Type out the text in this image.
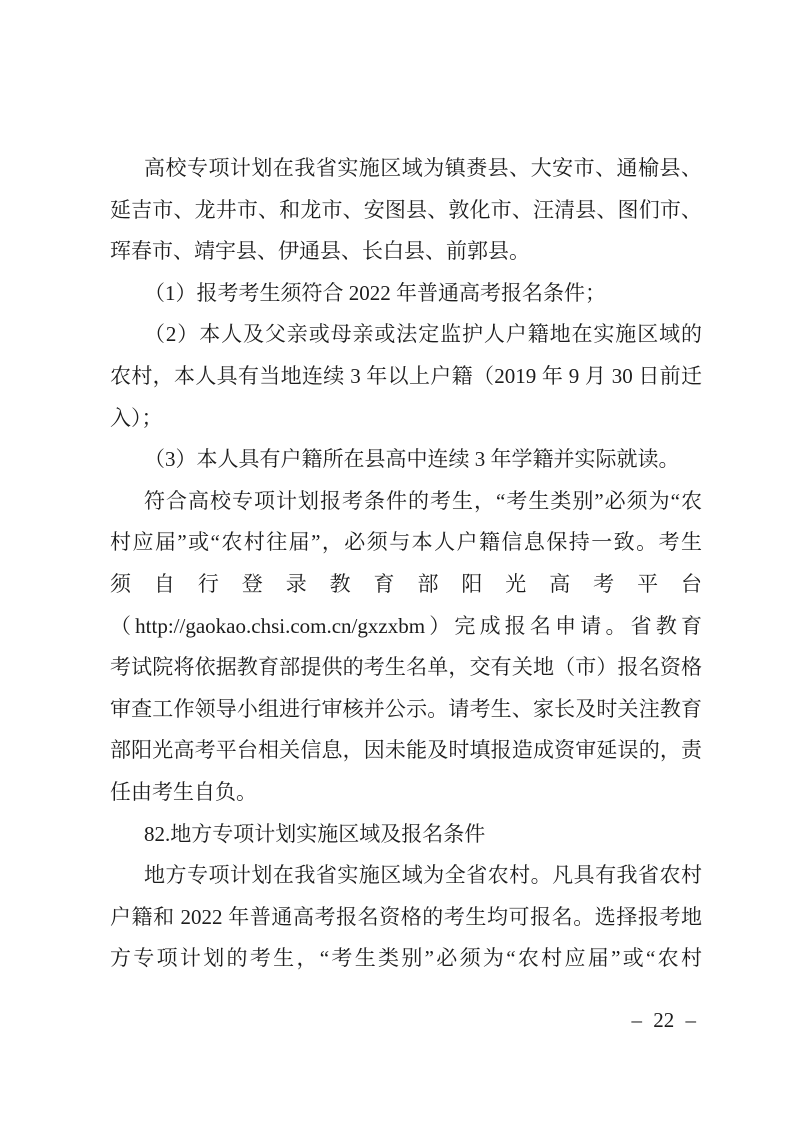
高校专项计划在我省实施区域为镇赉县、大安市、通榆县、
延吉市、龙井市、和龙市、安图县、敦化市、汪清县、图们市、
珲春市、靖宇县、伊通县、长白县、前郭县。
（1）报考考生须符合 2022 年普通高考报名条件；
（2）本人及父亲或母亲或法定监护人户籍地在实施区域的
农村，本人具有当地连续 3 年以上户籍（2019 年 9 月 30 日前迁
入）；
（3）本人具有户籍所在县高中连续 3 年学籍并实际就读。
符合高校专项计划报考条件的考生，“考生类别”必须为“农
村应届”或“农村往届”，必须与本人户籍信息保持一致。考生
须自行登录教育部阳光高考平台
（http://gaokao.chsi.com.cn/gxzxbm）完成报名申请。省教育
考试院将依据教育部提供的考生名单，交有关地（市）报名资格
审查工作领导小组进行审核并公示。请考生、家长及时关注教育
部阳光高考平台相关信息，因未能及时填报造成资审延误的，责
任由考生自负。
82.地方专项计划实施区域及报名条件
地方专项计划在我省实施区域为全省农村。凡具有我省农村
户籍和 2022 年普通高考报名资格的考生均可报名。选择报考地
方专项计划的考生，“考生类别”必须为“农村应届”或“农村
– 22 –
